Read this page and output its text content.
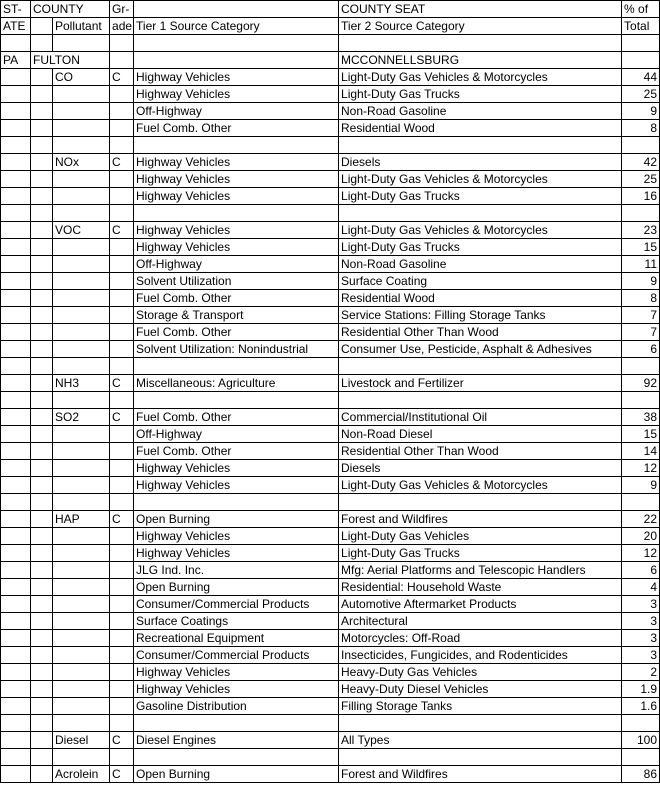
ST-	COUNTY		Gr-		COUNTY SEAT	% of
ATE		Pollutant	ade	Tier 1 Source Category	Tier 2 Source Category	Total

PA	FULTON				MCCONNELLSBURG	
		CO	C	Highway Vehicles	Light-Duty Gas Vehicles & Motorcycles	44
				Highway Vehicles	Light-Duty Gas Trucks	25
				Off-Highway	Non-Road Gasoline	9
				Fuel Comb. Other	Residential Wood	8

		NOx	C	Highway Vehicles	Diesels	42
				Highway Vehicles	Light-Duty Gas Vehicles & Motorcycles	25
				Highway Vehicles	Light-Duty Gas Trucks	16

		VOC	C	Highway Vehicles	Light-Duty Gas Vehicles & Motorcycles	23
				Highway Vehicles	Light-Duty Gas Trucks	15
				Off-Highway	Non-Road Gasoline	11
				Solvent Utilization	Surface Coating	9
				Fuel Comb. Other	Residential Wood	8
				Storage & Transport	Service Stations: Filling Storage Tanks	7
				Fuel Comb. Other	Residential Other Than Wood	7
				Solvent Utilization: Nonindustrial	Consumer Use, Pesticide, Asphalt & Adhesives	6

		NH3	C	Miscellaneous: Agriculture	Livestock and Fertilizer	92

		SO2	C	Fuel Comb. Other	Commercial/Institutional Oil	38
				Off-Highway	Non-Road Diesel	15
				Fuel Comb. Other	Residential Other Than Wood	14
				Highway Vehicles	Diesels	12
				Highway Vehicles	Light-Duty Gas Vehicles & Motorcycles	9

		HAP	C	Open Burning	Forest and Wildfires	22
				Highway Vehicles	Light-Duty Gas Vehicles	20
				Highway Vehicles	Light-Duty Gas Trucks	12
				JLG Ind. Inc.	Mfg: Aerial Platforms and Telescopic Handlers	6
				Open Burning	Residential: Household Waste	4
				Consumer/Commercial Products	Automotive Aftermarket Products	3
				Surface Coatings	Architectural	3
				Recreational Equipment	Motorcycles: Off-Road	3
				Consumer/Commercial Products	Insecticides, Fungicides, and Rodenticides	3
				Highway Vehicles	Heavy-Duty Gas Vehicles	2
				Highway Vehicles	Heavy-Duty Diesel Vehicles	1.9
				Gasoline Distribution	Filling Storage Tanks	1.6

		Diesel	C	Diesel Engines	All Types	100

		Acrolein	C	Open Burning	Forest and Wildfires	86
